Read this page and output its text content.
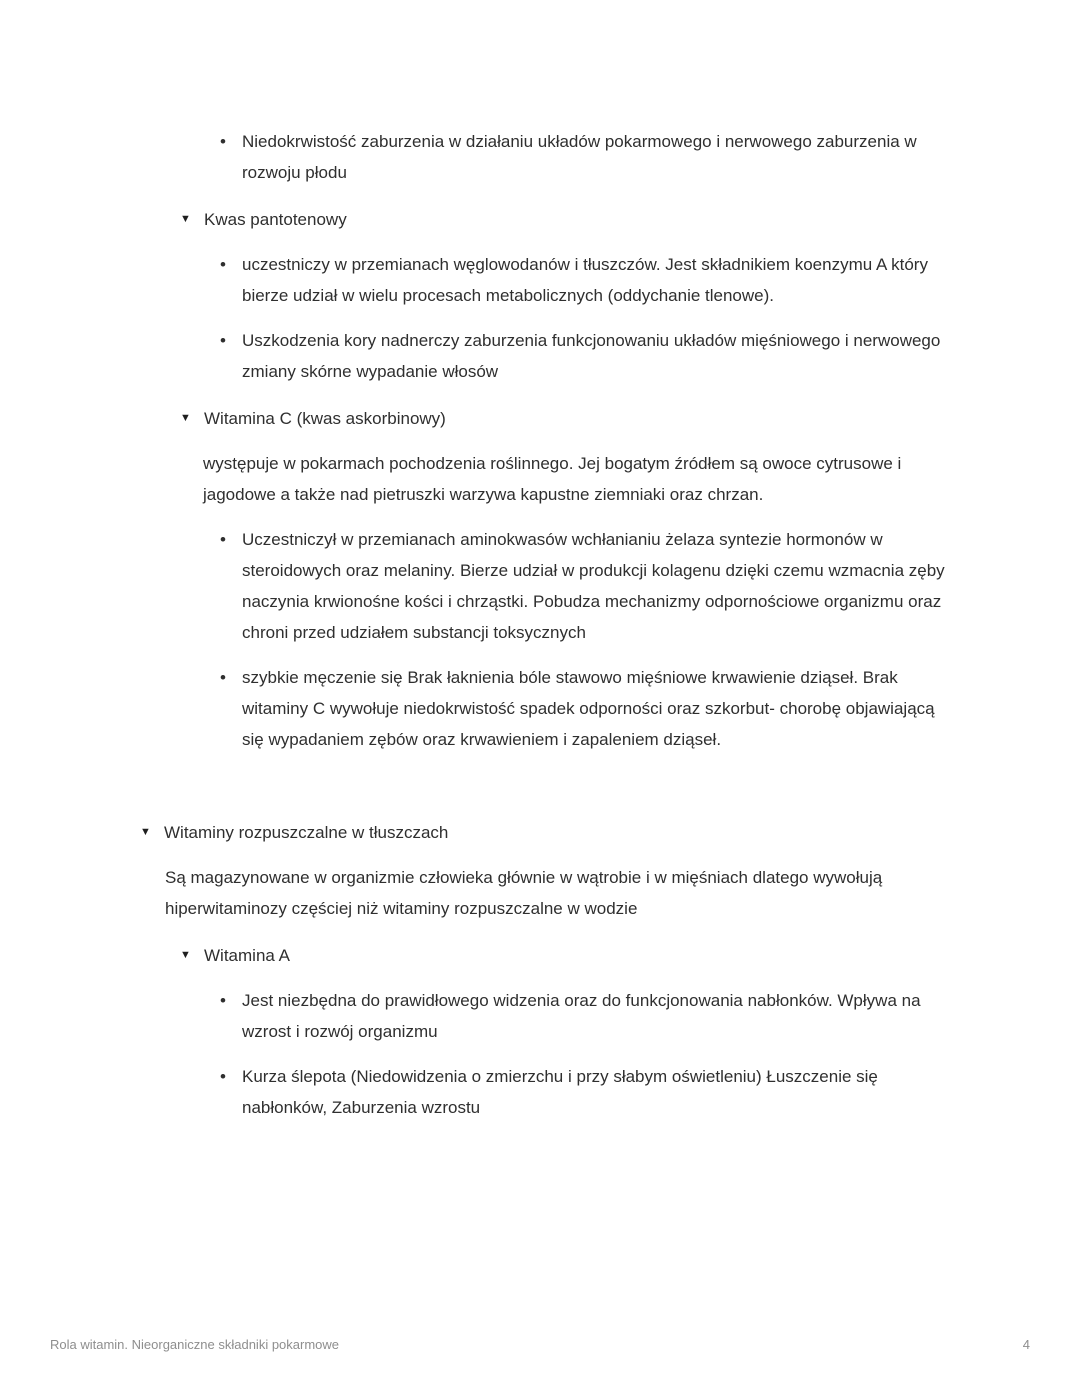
• Niedokrwistość zaburzenia w działaniu układów pokarmowego i nerwowego zaburzenia w rozwoju płodu
▼ Kwas pantotenowy
• uczestniczy w przemianach węglowodanów i tłuszczów. Jest składnikiem koenzymu A który bierze udział w wielu procesach metabolicznych (oddychanie tlenowe).
• Uszkodzenia kory nadnerczy zaburzenia funkcjonowaniu układów mięśniowego i nerwowego zmiany skórne wypadanie włosów
▼ Witamina C (kwas askorbinowy)
występuje w pokarmach pochodzenia roślinnego. Jej bogatym źródłem są owoce cytrusowe i jagodowe a także nad pietruszki warzywa kapustne ziemniaki oraz chrzan.
• Uczestniczył w przemianach aminokwasów wchłanianiu żelaza syntezie hormonów w steroidowych oraz melaniny. Bierze udział w produkcji kolagenu dzięki czemu wzmacnia zęby naczynia krwionośne kości i chrząstki. Pobudza mechanizmy odpornościowe organizmu oraz chroni przed udziałem substancji toksycznych
• szybkie męczenie się Brak łaknienia bóle stawowo mięśniowe krwawienie dziąseł. Brak witaminy C wywołuje niedokrwistość spadek odporności oraz szkorbut- chorobę objawiającą się wypadaniem zębów oraz krwawieniem i zapaleniem dziąseł.
▼ Witaminy rozpuszczalne w tłuszczach
Są magazynowane w organizmie człowieka głównie w wątrobie i w mięśniach dlatego wywołują hiperwitaminozy częściej niż witaminy rozpuszczalne w wodzie
▼ Witamina A
• Jest niezbędna do prawidłowego widzenia oraz do funkcjonowania nabłonków. Wpływa na wzrost i rozwój organizmu
• Kurza ślepota (Niedowidzenia o zmierzchu i przy słabym oświetleniu) Łuszczenie się nabłonków, Zaburzenia wzrostu
Rola witamin. Nieorganiczne składniki pokarmowe	4
